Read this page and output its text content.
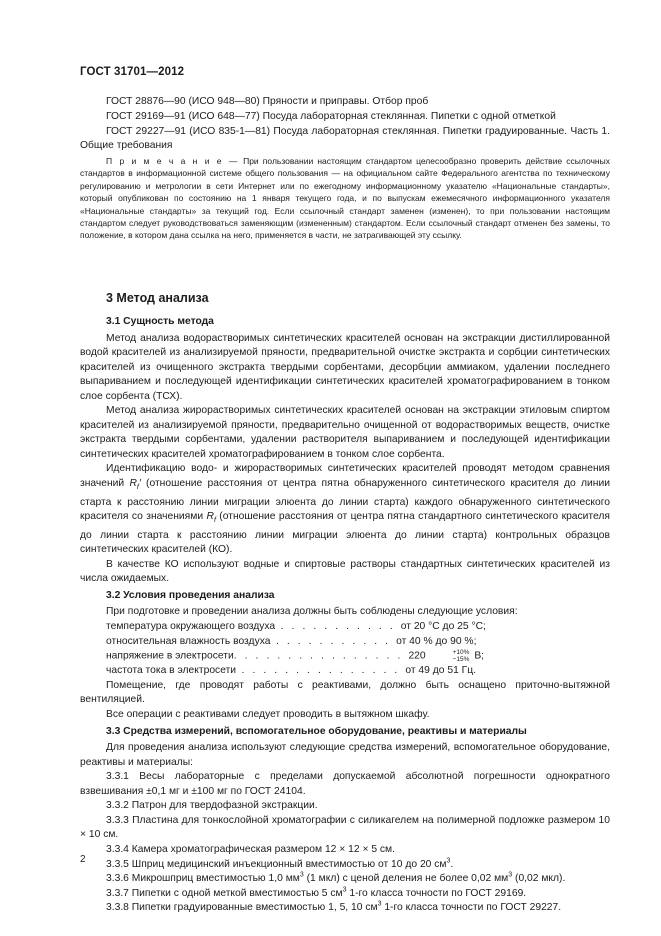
ГОСТ 31701—2012

ГОСТ 28876—90 (ИСО 948—80) Пряности и приправы. Отбор проб

ГОСТ 29169—91 (ИСО 648—77) Посуда лабораторная стеклянная. Пипетки с одной отметкой

ГОСТ 29227—91 (ИСО 835-1—81) Посуда лабораторная стеклянная. Пипетки градуированные. Часть 1. Общие требования

П р и м е ч а н и е — При пользовании настоящим стандартом целесообразно проверить действие ссылочных стандартов в информационной системе общего пользования — на официальном сайте Федерального агентства по техническому регулированию и метрологии в сети Интернет или по ежегодному информационному указателю «Национальные стандарты», который опубликован по состоянию на 1 января текущего года, и по выпускам ежемесячного информационного указателя «Национальные стандарты» за текущий год. Если ссылочный стандарт заменен (изменен), то при пользовании настоящим стандартом следует руководствоваться заменяющим (измененным) стандартом. Если ссылочный стандарт отменен без замены, то положение, в котором дана ссылка на него, применяется в части, не затрагивающей эту ссылку.

3 Метод анализа

3.1 Сущность метода

Метод анализа водорастворимых синтетических красителей основан на экстракции дистиллированной водой красителей из анализируемой пряности, предварительной очистке экстракта и сорбции синтетических красителей из очищенного экстракта твердыми сорбентами, десорбции аммиаком, удалении последнего выпариванием и последующей идентификации синтетических красителей хроматографированием в тонком слое сорбента (ТСХ).

Метод анализа жирорастворимых синтетических красителей основан на экстракции этиловым спиртом красителей из анализируемой пряности, предварительно очищенной от водорастворимых веществ, очистке экстракта твердыми сорбентами, удалении растворителя выпариванием и последующей идентификации синтетических красителей хроматографированием в тонком слое сорбента.

Идентификацию водо- и жирорастворимых синтетических красителей проводят методом сравнения значений $R_f'$ (отношение расстояния от центра пятна обнаруженного синтетического красителя до линии старта к расстоянию линии миграции элюента до линии старта) каждого обнаруженного синтетического красителя со значениями $R_f$ (отношение расстояния от центра пятна стандартного синтетического красителя до линии старта к расстоянию линии миграции элюента до линии старта) контрольных образцов синтетических красителей (КО).

В качестве КО используют водные и спиртовые растворы стандартных синтетических красителей из числа ожидаемых.

3.2 Условия проведения анализа

При подготовке и проведении анализа должны быть соблюдены следующие условия:

температура окружающего воздуха . . . . . . . . . . . от 20 °С до 25 °С;

относительная влажность воздуха . . . . . . . . . . . от 40 % до 90 %;

напряжение в электросети. . . . . . . . . . . . . . . . 220	+10%
−15% В;

частота тока в электросети . . . . . . . . . . . . . . . от 49 до 51 Гц.

Помещение, где проводят работы с реактивами, должно быть оснащено приточно-вытяжной вентиляцией.

Все операции с реактивами следует проводить в вытяжном шкафу.

3.3 Средства измерений, вспомогательное оборудование, реактивы и материалы

Для проведения анализа используют следующие средства измерений, вспомогательное оборудование, реактивы и материалы:

3.3.1 Весы лабораторные с пределами допускаемой абсолютной погрешности однократного взвешивания ±0,1 мг и ±100 мг по ГОСТ 24104.

3.3.2 Патрон для твердофазной экстракции.

3.3.3 Пластина для тонкослойной хроматографии с силикагелем на полимерной подложке размером 10 × 10 см.

3.3.4 Камера хроматографическая размером 12 × 12 × 5 см.

3.3.5 Шприц медицинский инъекционный вместимостью от 10 до 20 $см^3$.

3.3.6 Микрошприц вместимостью 1,0 $мм^3$ (1 мкл) с ценой деления не более 0,02 $мм^3$ (0,02 мкл).

3.3.7 Пипетки с одной меткой вместимостью 5 $см^3$ 1-го класса точности по ГОСТ 29169.

3.3.8 Пипетки градуированные вместимостью 1, 5, 10 $см^3$ 1-го класса точности по ГОСТ 29227.

2
